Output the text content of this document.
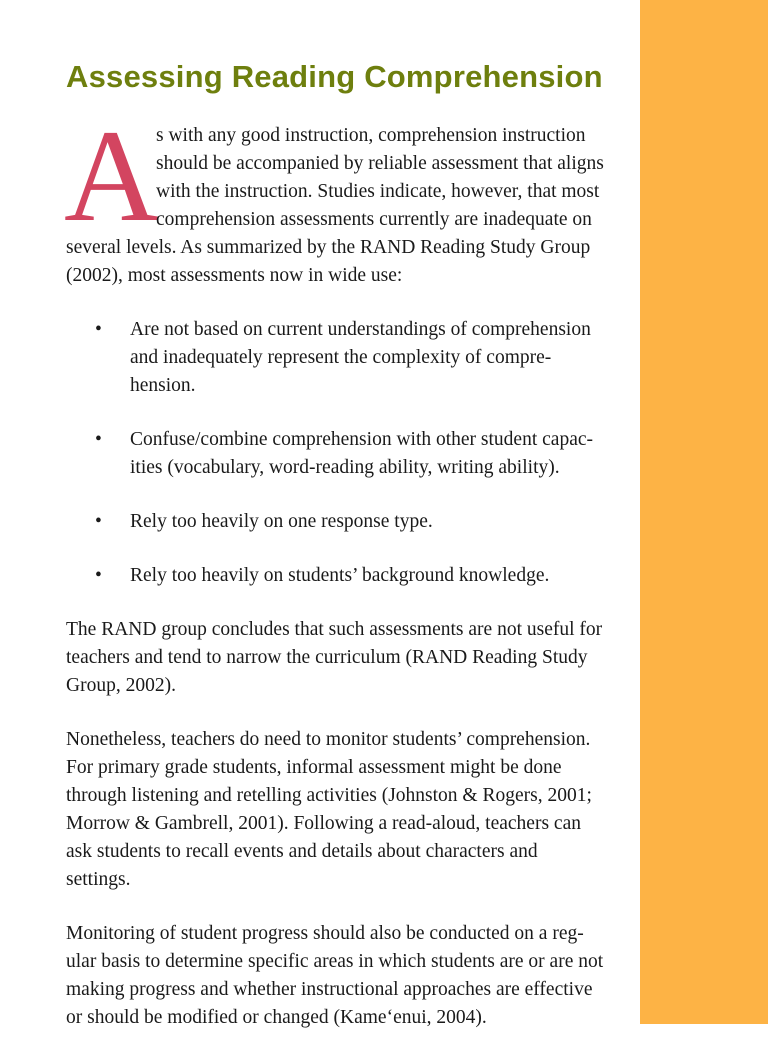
Assessing Reading Comprehension

A
s with any good instruction, comprehension instruction should be accompanied by reliable assessment that aligns with the instruction. Studies indicate, however, that most comprehension assessments currently are inadequate on several levels. As summarized by the RAND Reading Study Group (2002), most assessments now in wide use:

• Are not based on current understandings of comprehension and inadequately represent the complexity of comprehension.
• Confuse/combine comprehension with other student capacities (vocabulary, word-reading ability, writing ability).
• Rely too heavily on one response type.
• Rely too heavily on students’ background knowledge.

The RAND group concludes that such assessments are not useful for teachers and tend to narrow the curriculum (RAND Reading Study Group, 2002).

Nonetheless, teachers do need to monitor students’ comprehension. For primary grade students, informal assessment might be done through listening and retelling activities (Johnston & Rogers, 2001; Morrow & Gambrell, 2001). Following a read-aloud, teachers can ask students to recall events and details about characters and settings.

Monitoring of student progress should also be conducted on a regular basis to determine specific areas in which students are or are not making progress and whether instructional approaches are effective or should be modified or changed (Kame‘enui, 2004).
